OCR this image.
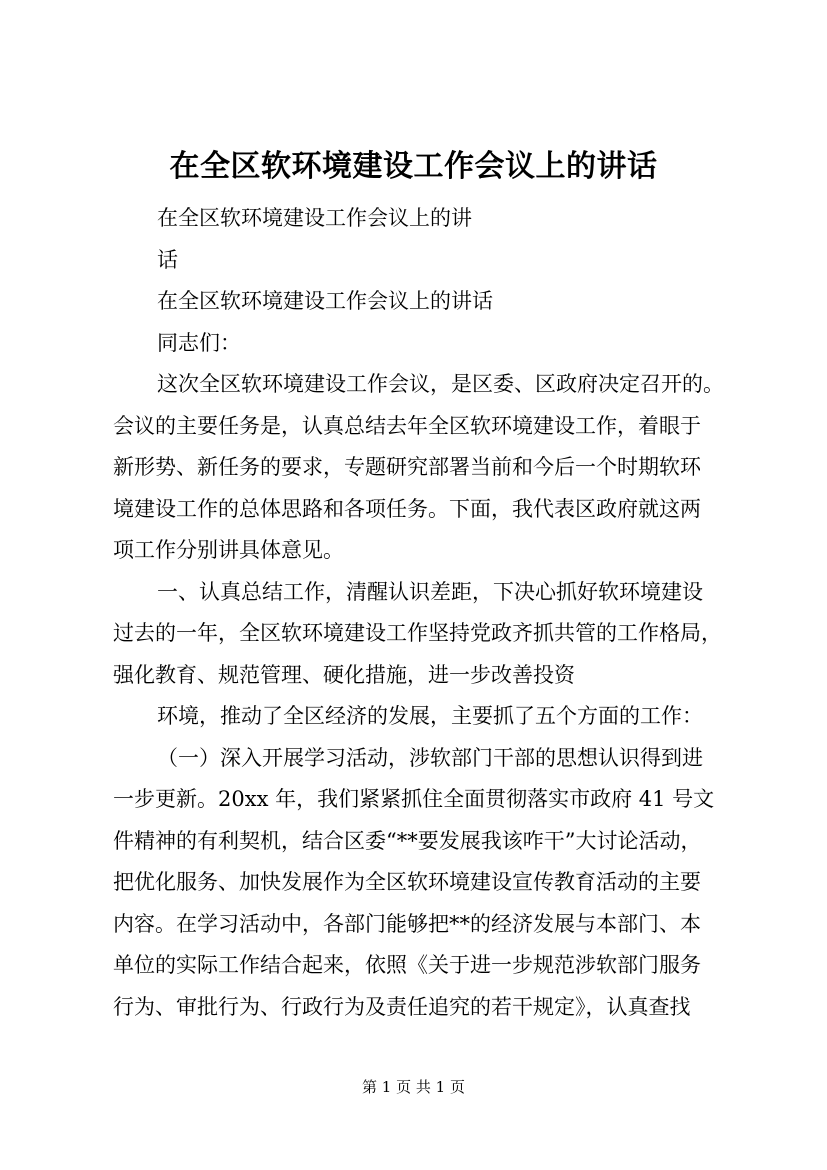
在全区软环境建设工作会议上的讲话
在全区软环境建设工作会议上的讲
话
在全区软环境建设工作会议上的讲话
同志们：
这次全区软环境建设工作会议，是区委、区政府决定召开的。
会议的主要任务是，认真总结去年全区软环境建设工作，着眼于
新形势、新任务的要求，专题研究部署当前和今后一个时期软环
境建设工作的总体思路和各项任务。下面，我代表区政府就这两
项工作分别讲具体意见。
一、认真总结工作，清醒认识差距，下决心抓好软环境建设
过去的一年，全区软环境建设工作坚持党政齐抓共管的工作格局，
强化教育、规范管理、硬化措施，进一步改善投资
环境，推动了全区经济的发展，主要抓了五个方面的工作：
（一）深入开展学习活动，涉软部门干部的思想认识得到进
一步更新。20xx 年，我们紧紧抓住全面贯彻落实市政府 41 号文
件精神的有利契机，结合区委“**要发展我该咋干”大讨论活动，
把优化服务、加快发展作为全区软环境建设宣传教育活动的主要
内容。在学习活动中，各部门能够把**的经济发展与本部门、本
单位的实际工作结合起来，依照《关于进一步规范涉软部门服务
行为、审批行为、行政行为及责任追究的若干规定》，认真查找
第 1 页 共 1 页
